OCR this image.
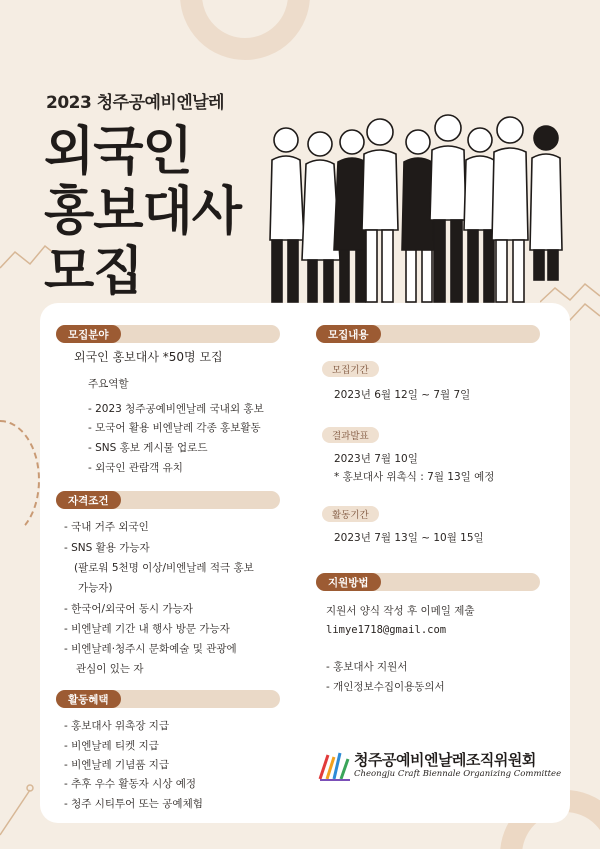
2023 청주공예비엔날레
외국인
홍보대사
모집
모집분야
외국인 홍보대사 *50명 모집
주요역할
- 2023 청주공예비엔날레 국내외 홍보
- 모국어 활용 비엔날레 각종 홍보활동
- SNS 홍보 게시물 업로드
- 외국인 관람객 유치
자격조건
- 국내 거주 외국인
- SNS 활용 가능자
(팔로워 5천명 이상/비엔날레 적극 홍보
가능자)
- 한국어/외국어 동시 가능자
- 비엔날레 기간 내 행사 방문 가능자
- 비엔날레·청주시 문화예술 및 관광에
관심이 있는 자
활동혜택
- 홍보대사 위촉장 지급
- 비엔날레 티켓 지급
- 비엔날레 기념품 지급
- 추후 우수 활동자 시상 예정
- 청주 시티투어 또는 공예체험
모집내용
모집기간
2023년 6월 12일 ~ 7월 7일
결과발표
2023년 7월 10일
* 홍보대사 위촉식 : 7월 13일 예정
활동기간
2023년 7월 13일 ~ 10월 15일
지원방법
지원서 양식 작성 후 이메일 제출
limye1718@gmail.com
- 홍보대사 지원서
- 개인정보수집이용동의서
청주공예비엔날레조직위원회
Cheongju Craft Biennale Organizing Committee
